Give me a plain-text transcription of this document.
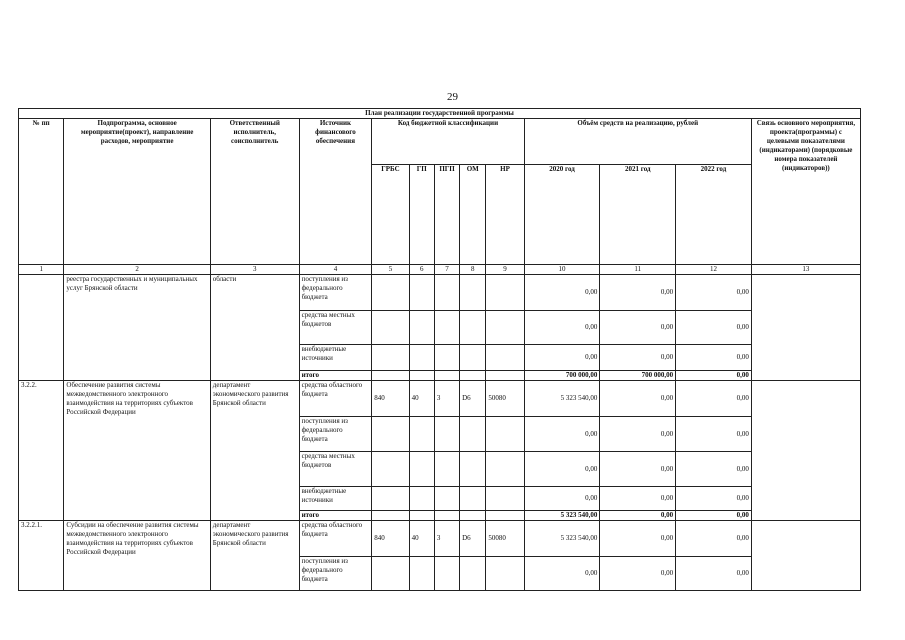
29
План реализации государственной программы												
№ пп	Подпрограмма, основное мероприятие(проект), направление расходов, мероприятие	Ответственный исполнитель, соисполнитель	Источник финансового обеспечения	Код бюджетной классификации					Объём средств на реализацию, рублей			Связь основного мероприятия, проекта(программы) с целевыми показателями (индикаторами) (порядковые номера показателей (индикаторов))
				ГРБС	ГП	ПГП	ОМ	НР	2020 год	2021 год	2022 год	
1	2	3	4	5	6	7	8	9	10	11	12	13
	реестра государственных и муниципальных услуг Брянской области	области	поступления из федерального бюджета						0,00	0,00	0,00	
			средства местных бюджетов						0,00	0,00	0,00	
			внебюджетные источники						0,00	0,00	0,00	
			итого						700 000,00	700 000,00	0,00	
3.2.2.	Обеспечение развития системы межведомственного электронного взаимодействия на территориях субъектов Российской Федерации	департамент экономического развития Брянской области	средства областного бюджета	840	40	3	D6	50080	5 323 540,00	0,00	0,00	
			поступления из федерального бюджета						0,00	0,00	0,00	
			средства местных бюджетов						0,00	0,00	0,00	
			внебюджетные источники						0,00	0,00	0,00	
			итого						5 323 540,00	0,00	0,00	
3.2.2.1.	Субсидии на обеспечение развития системы межведомственного электронного взаимодействия на территориях субъектов Российской Федерации	департамент экономического развития Брянской области	средства областного бюджета	840	40	3	D6	50080	5 323 540,00	0,00	0,00	
			поступления из федерального бюджета						0,00	0,00	0,00	
